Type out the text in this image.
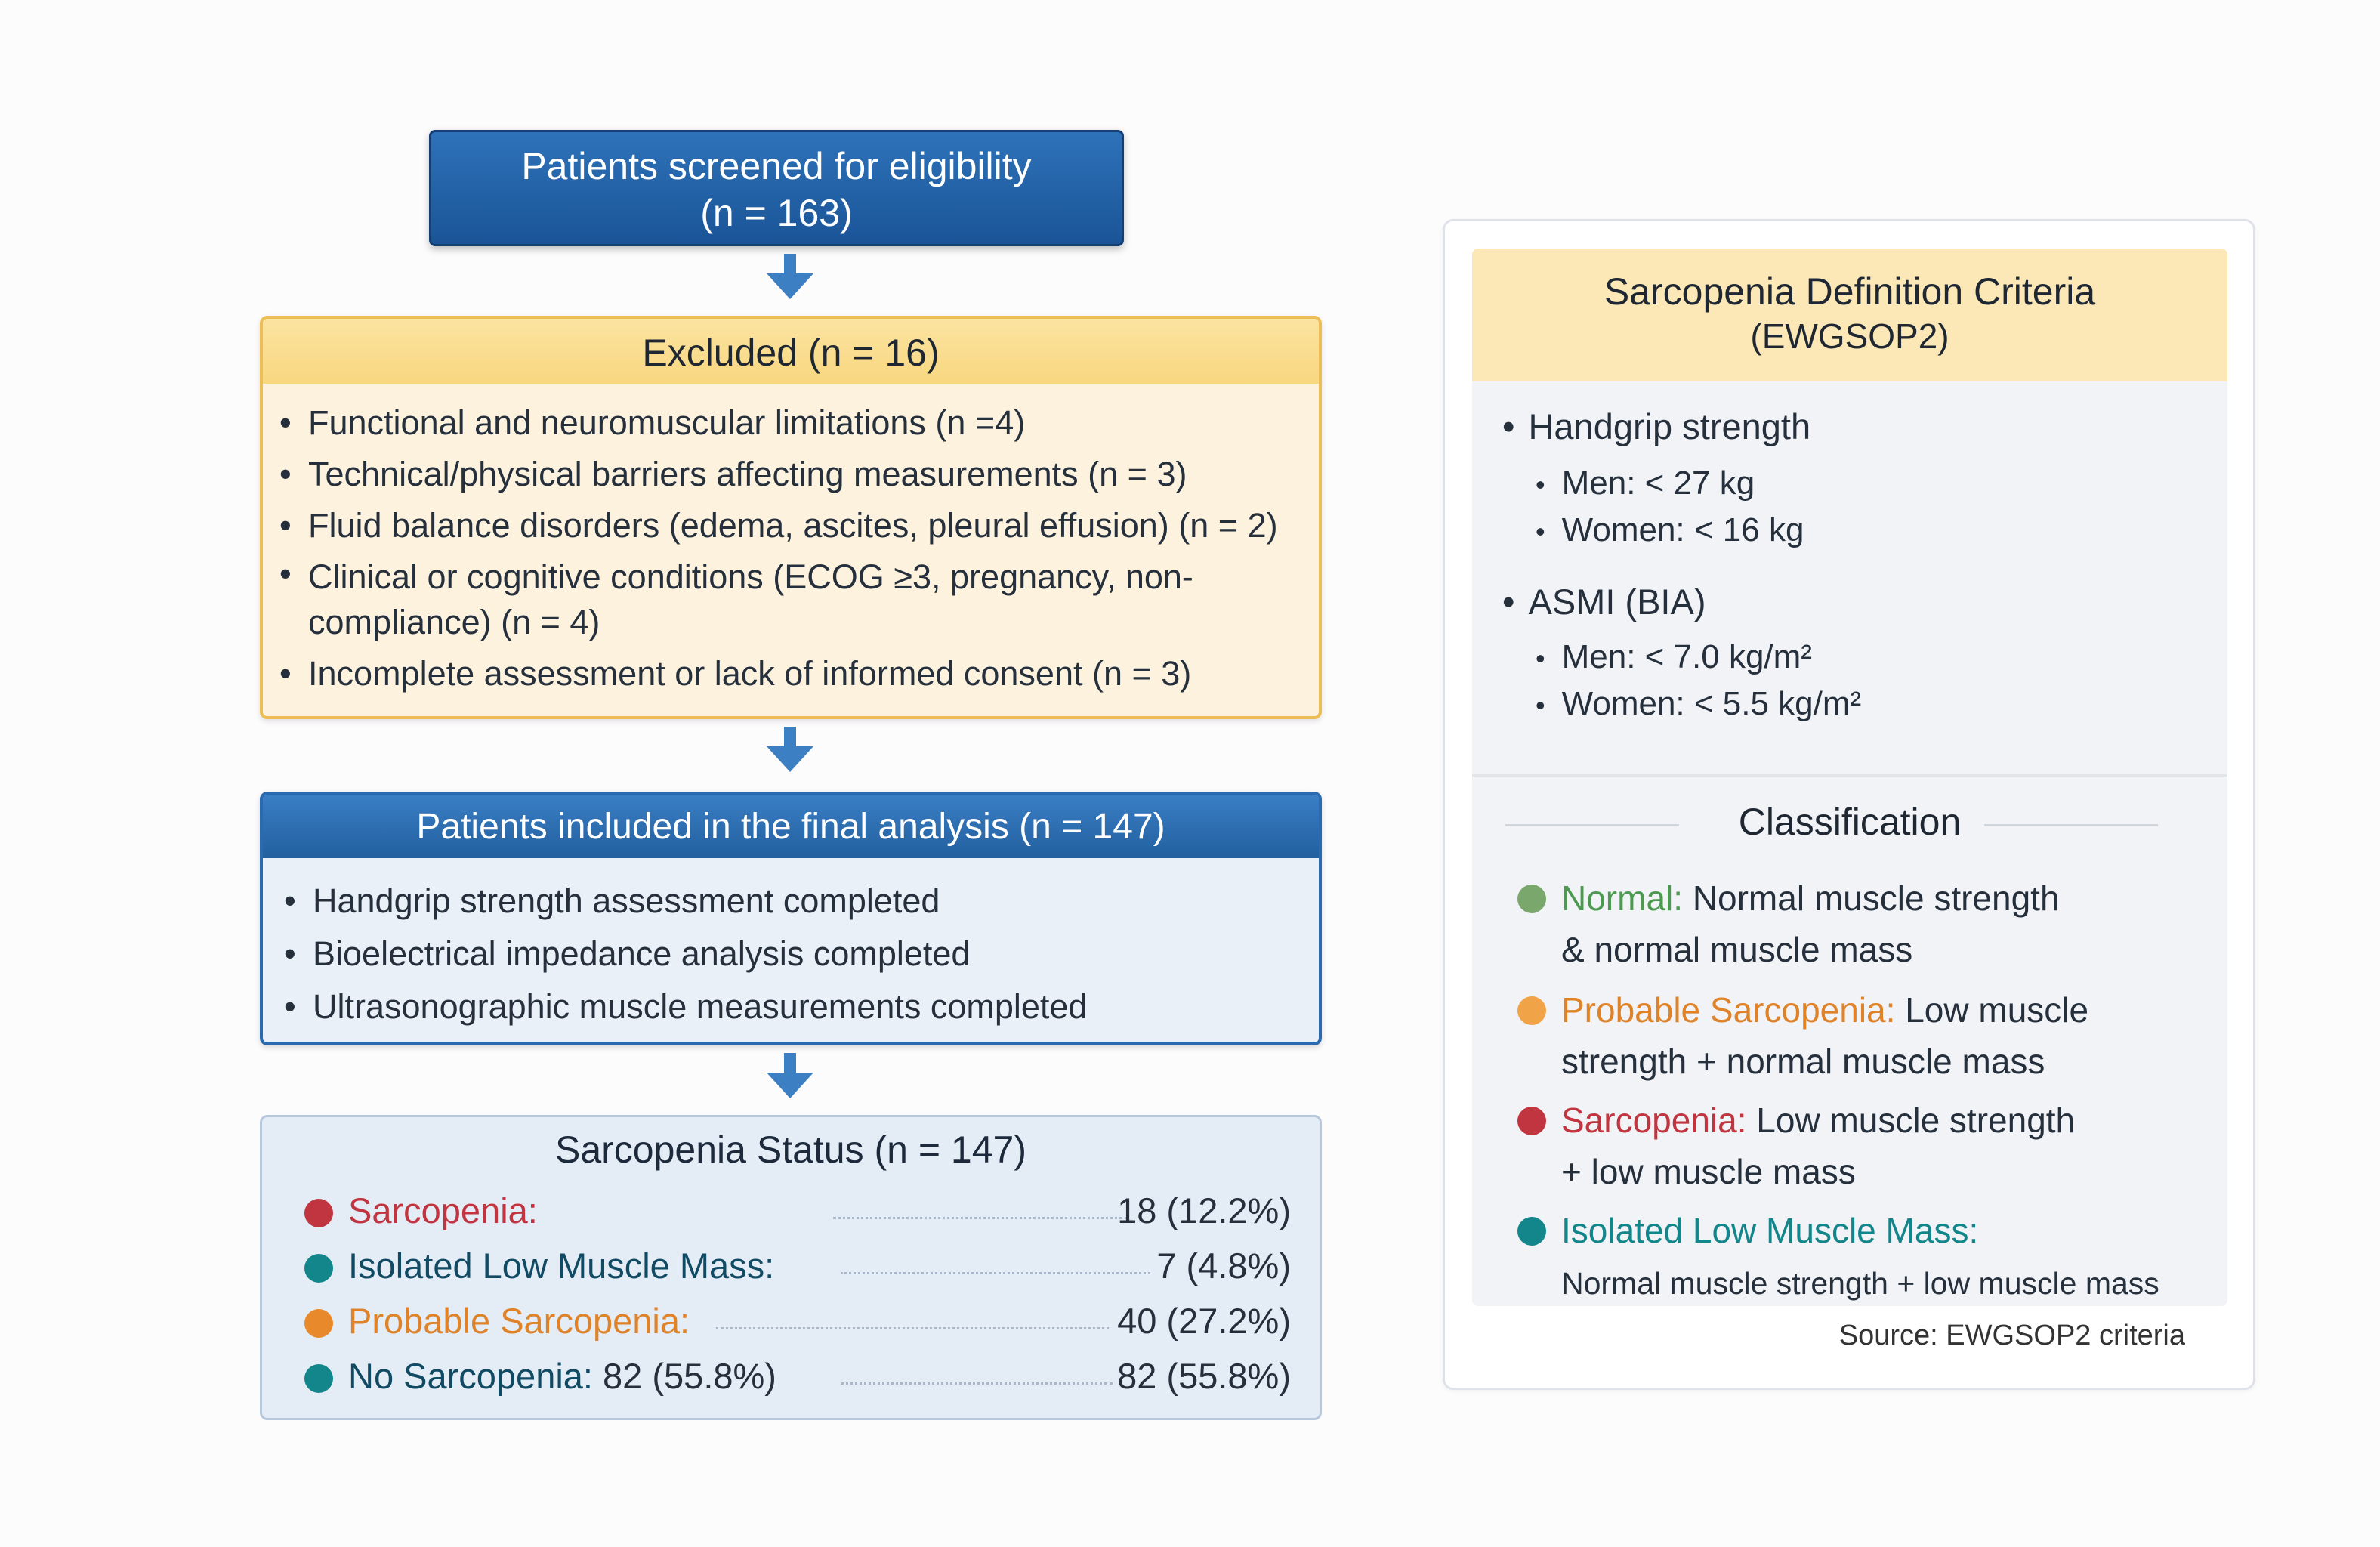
Patients screened for eligibility
(n = 163)
Excluded (n = 16)
• Functional and neuromuscular limitations (n =4)
• Technical/physical barriers affecting measurements (n = 3)
• Fluid balance disorders (edema, ascites, pleural effusion) (n = 2)
• Clinical or cognitive conditions (ECOG ≥3, pregnancy, non-compliance) (n = 4)
• Incomplete assessment or lack of informed consent (n = 3)
Patients included in the final analysis (n = 147)
• Handgrip strength assessment completed
• Bioelectrical impedance analysis completed
• Ultrasonographic muscle measurements completed
Sarcopenia Status (n = 147)
Sarcopenia:	18 (12.2%)
Isolated Low Muscle Mass:	7 (4.8%)
Probable Sarcopenia:	40 (27.2%)
No Sarcopenia: 82 (55.8%)	82 (55.8%)
Sarcopenia Definition Criteria
(EWGSOP2)
• Handgrip strength
• Men: < 27 kg
• Women: < 16 kg
• ASMI (BIA)
• Men: < 7.0 kg/m²
• Women: < 5.5 kg/m²
Classification
Normal: Normal muscle strength
& normal muscle mass
Probable Sarcopenia: Low muscle
strength + normal muscle mass
Sarcopenia: Low muscle strength
+ low muscle mass
Isolated Low Muscle Mass:
Normal muscle strength + low muscle mass
Source: EWGSOP2 criteria
